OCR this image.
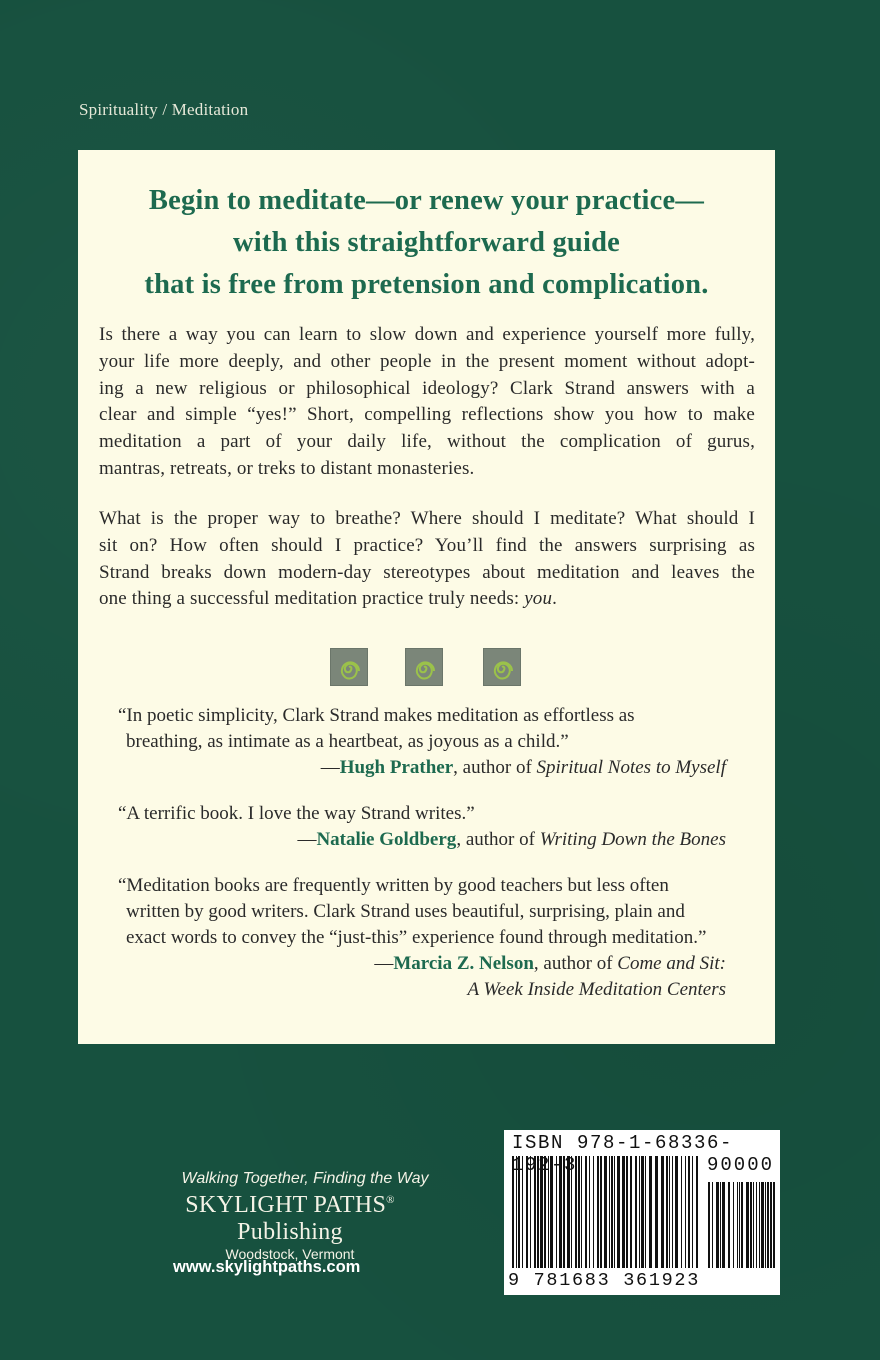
Spirituality / Meditation
Begin to meditate—or renew your practice—
with this straightforward guide
that is free from pretension and complication.
Is there a way you can learn to slow down and experience yourself more fully,
your life more deeply, and other people in the present moment without adopt-
ing a new religious or philosophical ideology? Clark Strand answers with a
clear and simple “yes!” Short, compelling reflections show you how to make
meditation a part of your daily life, without the complication of gurus,
mantras, retreats, or treks to distant monasteries.
What is the proper way to breathe? Where should I meditate? What should I
sit on? How often should I practice? You’ll find the answers surprising as
Strand breaks down modern-day stereotypes about meditation and leaves the
one thing a successful meditation practice truly needs: you.
“In poetic simplicity, Clark Strand makes meditation as effortless as
breathing, as intimate as a heartbeat, as joyous as a child.”
—Hugh Prather, author of Spiritual Notes to Myself
“A terrific book. I love the way Strand writes.”
—Natalie Goldberg, author of Writing Down the Bones
“Meditation books are frequently written by good teachers but less often
written by good writers. Clark Strand uses beautiful, surprising, plain and
exact words to convey the “just-this” experience found through meditation.”
—Marcia Z. Nelson, author of Come and Sit:
A Week Inside Meditation Centers
Walking Together, Finding the Way
SKYLIGHT PATHS® Publishing
Woodstock, Vermont
www.skylightpaths.com
ISBN 978-1-68336-192-3	90000
9 781683 361923
